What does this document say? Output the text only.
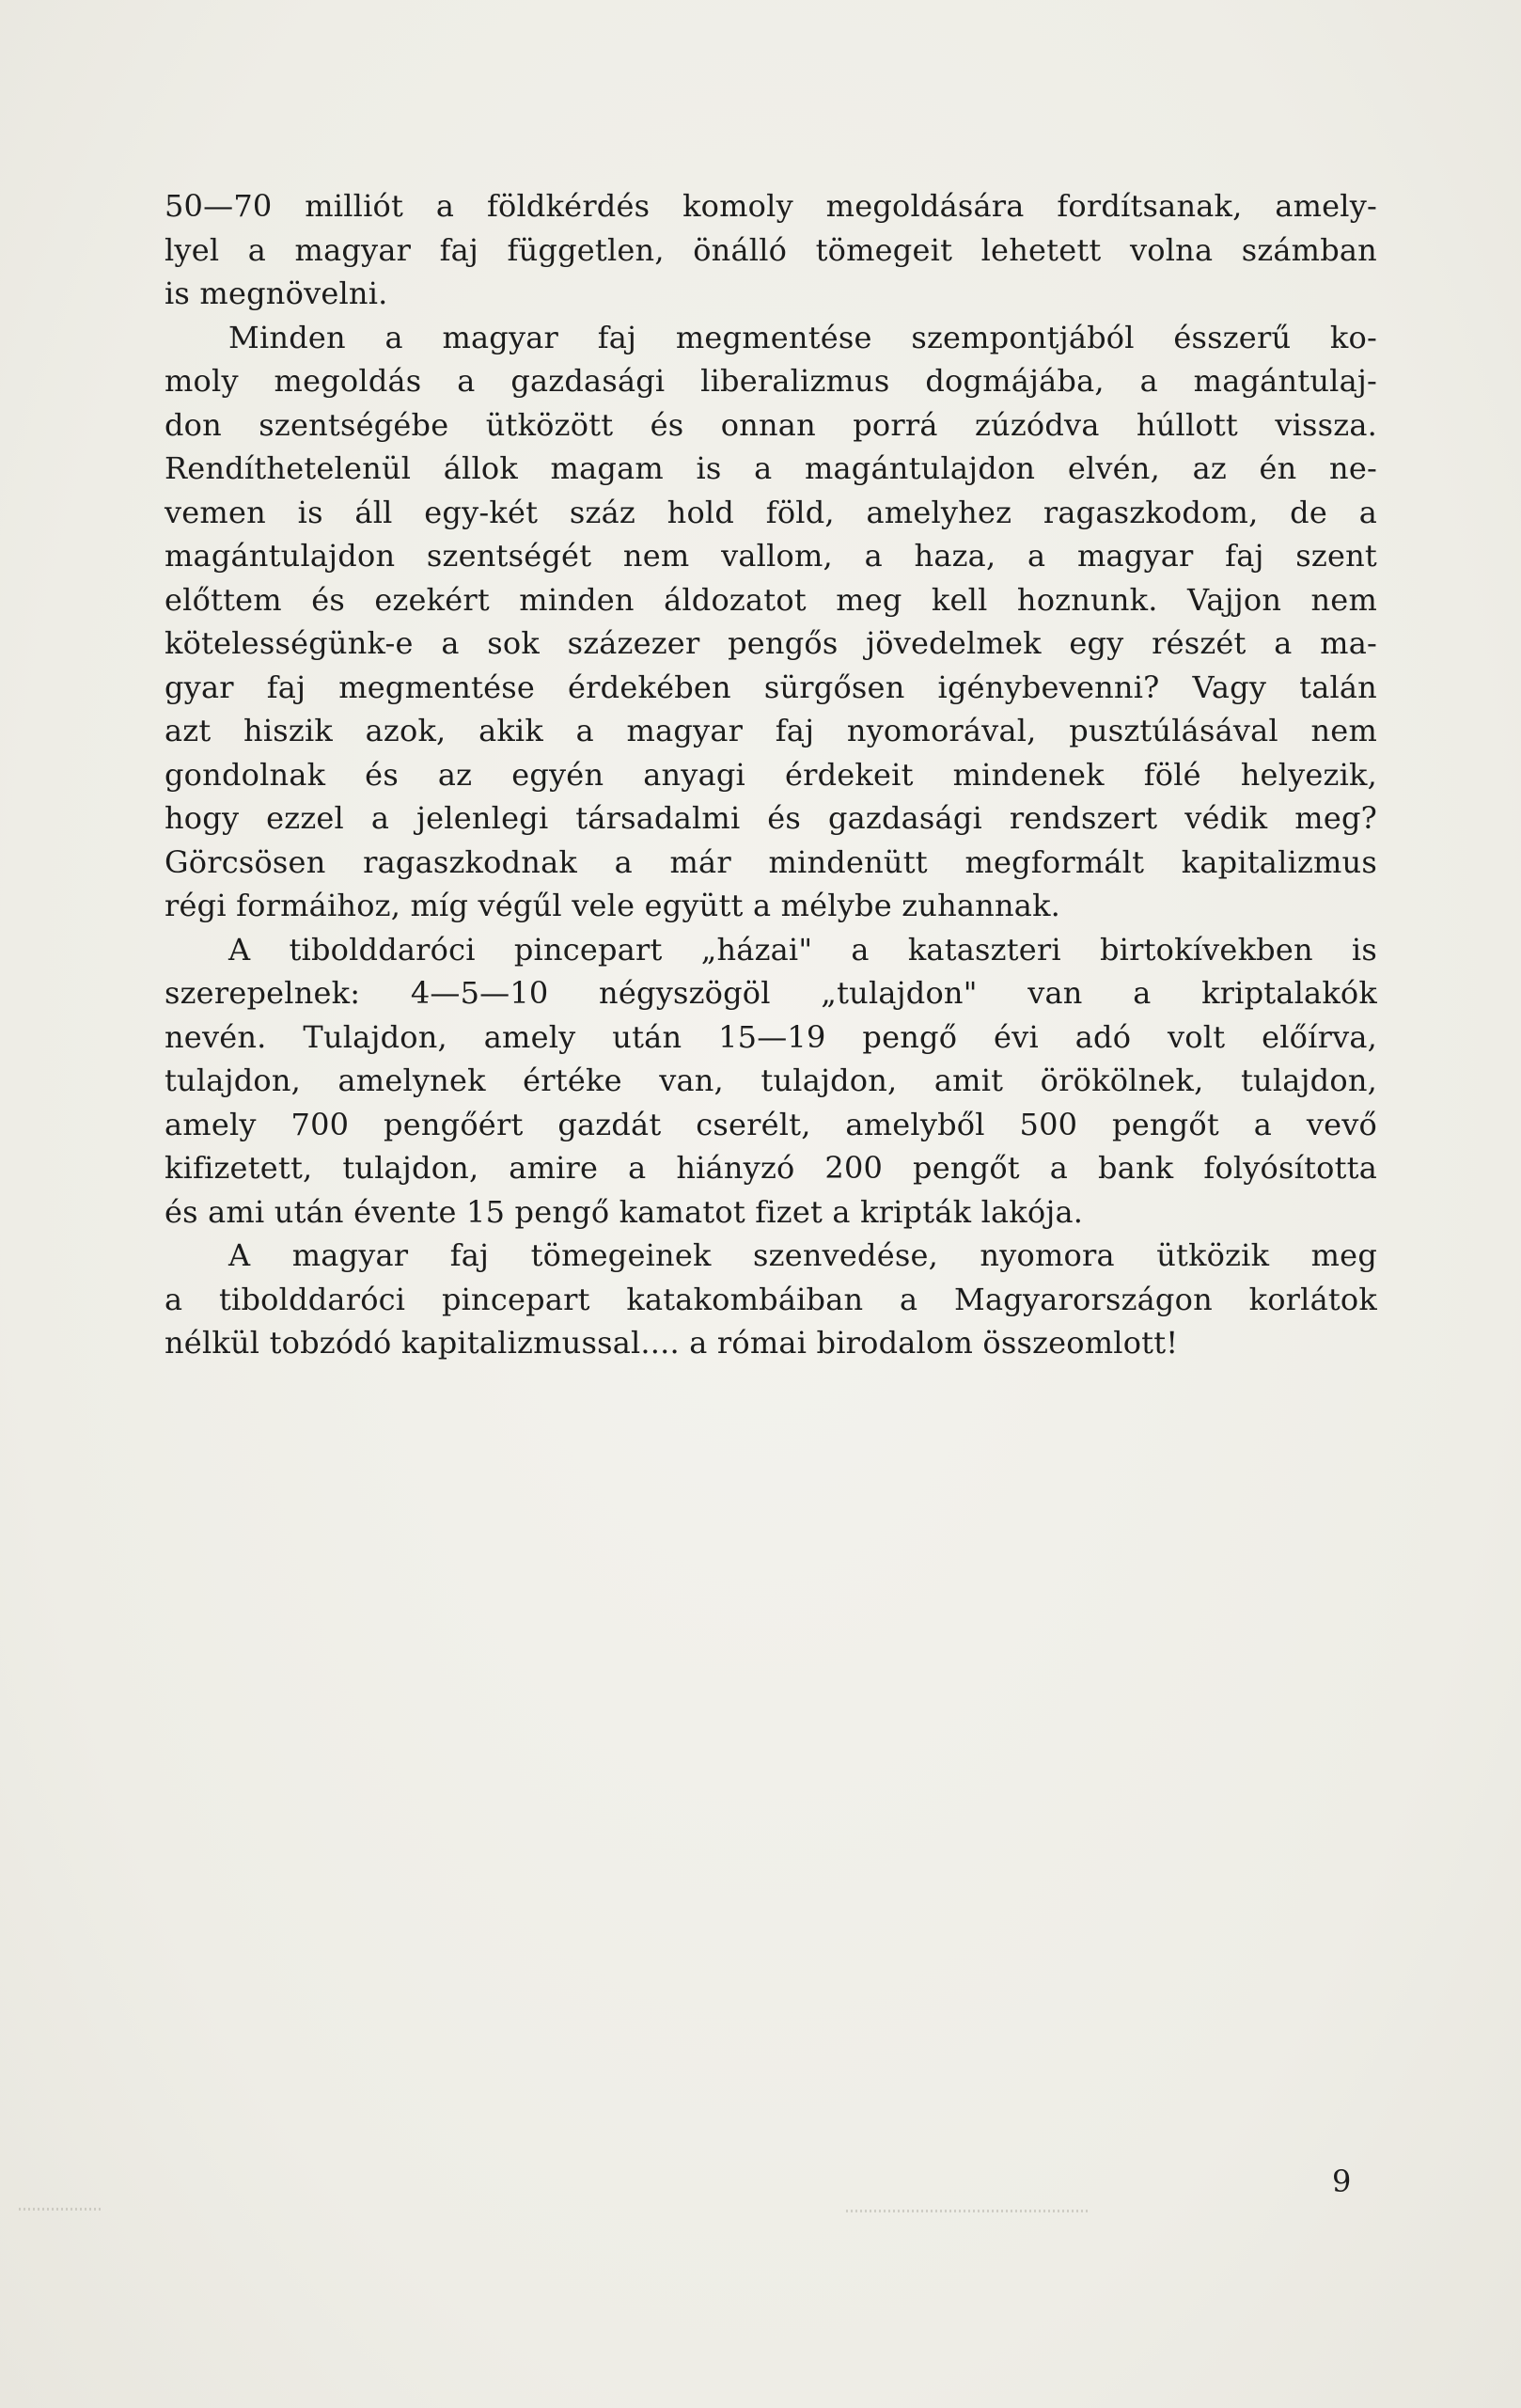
50—70 milliót a földkérdés komoly megoldására fordítsanak, amely-
lyel a magyar faj független, önálló tömegeit lehetett volna számban
is megnövelni.
Minden a magyar faj megmentése szempontjából ésszerű ko-
moly megoldás a gazdasági liberalizmus dogmájába, a magántulaj-
don szentségébe ütközött és onnan porrá zúzódva húllott vissza.
Rendíthetelenül állok magam is a magántulajdon elvén, az én ne-
vemen is áll egy-két száz hold föld, amelyhez ragaszkodom, de a
magántulajdon szentségét nem vallom, a haza, a magyar faj szent
előttem és ezekért minden áldozatot meg kell hoznunk. Vajjon nem
kötelességünk-e a sok százezer pengős jövedelmek egy részét a ma-
gyar faj megmentése érdekében sürgősen igénybevenni? Vagy talán
azt hiszik azok, akik a magyar faj nyomorával, pusztúlásával nem
gondolnak és az egyén anyagi érdekeit mindenek fölé helyezik,
hogy ezzel a jelenlegi társadalmi és gazdasági rendszert védik meg?
Görcsösen ragaszkodnak a már mindenütt megformált kapitalizmus
régi formáihoz, míg végűl vele együtt a mélybe zuhannak.
A tibolddaróci pincepart „házai" a kataszteri birtokívekben is
szerepelnek: 4—5—10 négyszögöl „tulajdon" van a kriptalakók
nevén. Tulajdon, amely után 15—19 pengő évi adó volt előírva,
tulajdon, amelynek értéke van, tulajdon, amit örökölnek, tulajdon,
amely 700 pengőért gazdát cserélt, amelyből 500 pengőt a vevő
kifizetett, tulajdon, amire a hiányzó 200 pengőt a bank folyósította
és ami után évente 15 pengő kamatot fizet a kripták lakója.
A magyar faj tömegeinek szenvedése, nyomora ütközik meg
a tibolddaróci pincepart katakombáiban a Magyarországon korlátok
nélkül tobzódó kapitalizmussal.... a római birodalom összeomlott!
9
